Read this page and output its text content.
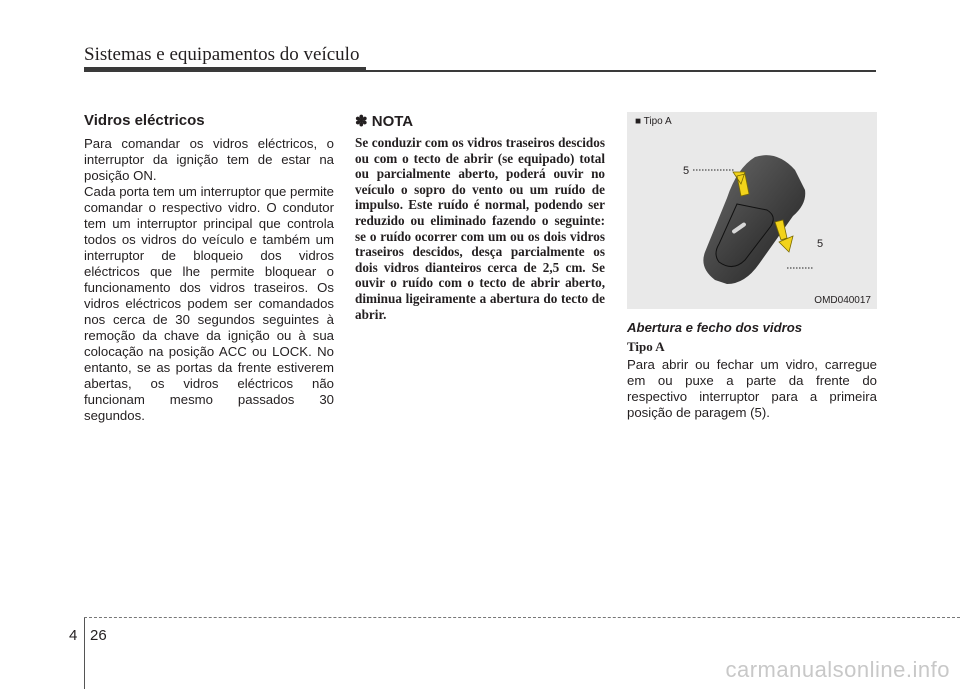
Sistemas e equipamentos do veículo
Vidros eléctricos

Para comandar os vidros eléctricos, o interruptor da ignição tem de estar na posição ON.

Cada porta tem um interruptor que permite comandar o respectivo vidro. O condutor tem um interruptor principal que controla todos os vidros do veículo e também um interruptor de bloqueio dos vidros eléctricos que lhe permite bloquear o funcionamento dos vidros traseiros. Os vidros eléctricos podem ser comandados nos cerca de 30 segundos seguintes à remoção da chave da ignição ou à sua colocação na posição ACC ou LOCK. No entanto, se as portas da frente estiverem abertas, os vidros eléctricos não funcionam mesmo passados 30 segundos.

✽ NOTA

Se conduzir com os vidros traseiros descidos ou com o tecto de abrir (se equipado) total ou parcialmente aberto, poderá ouvir no veículo o sopro do vento ou um ruído de impulso. Este ruído é normal, podendo ser reduzido ou eliminado fazendo o seguinte: se o ruído ocorrer com um ou os dois vidros traseiros descidos, desça parcialmente os dois vidros dianteiros cerca de 2,5 cm. Se ouvir o ruído com o tecto de abrir aberto, diminua ligeiramente a abertura do tecto de abrir.

5
5
■ Tipo A
OMD040017
Abertura e fecho dos vidros
Tipo A

Para abrir ou fechar um vidro, carregue em ou puxe a parte da frente do respectivo interruptor para a primeira posição de paragem (5).

4 26
carmanualsonline.info
